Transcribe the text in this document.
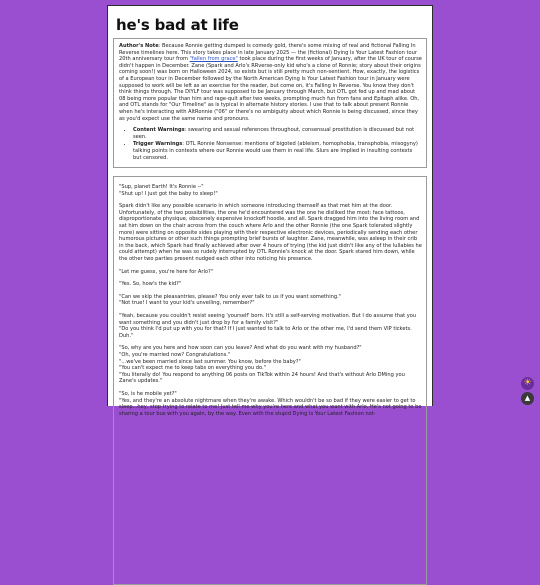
he's bad at life

Author's Note: Because Ronnie getting dumped is comedy gold, there's some mixing of real and fictional Falling In Reverse timelines here. This story takes place in late January 2025 — the (fictional) Dying Is Your Latest Fashion tour 20th anniversary tour from "fallen from grace" took place during the first weeks of January, after the UK tour of course didn't happen in December. Zane (Spark and Arlo's RRverse-only kid who's a clone of Ronnie; story about their origins coming soon!) was born on Halloween 2024, so exists but is still pretty much non-sentient. How, exactly, the logistics of a European tour in December followed by the North American Dying Is Your Latest Fashion tour in January were supposed to work will be left as an exercise for the reader, but come on, it's Falling In Reverse. You know they don't think things through. The DIYLF tour was supposed to be January through March, but OTL got fed up and mad about 08 being more popular than him and rage-quit after two weeks, prompting much fun from fans and Epitaph alike. Oh, and OTL stands for "Our Timeline" as is typical in alternate history stories. I use that to talk about present Ronnie when he's interacting with AltRonnie ("06" or there's no ambiguity about which Ronnie is being discussed, since they as you'd expect use the same name and pronouns.

• Content Warnings: swearing and sexual references throughout, consensual prostitution is discussed but not seen.
• Trigger Warnings: OTL Ronnie Nonsense: mentions of bigoted (ableism, homophobia, transphobia, misogyny) talking points in contexts where our Ronnie would use them in real life. Slurs are implied in insulting contexts but censored.
"Sup, planet Earth! It's Ronnie --"
"Shut up! I just got the baby to sleep!"

Spark didn't like any possible scenario in which someone introducing themself as that met him at the door. Unfortunately, of the two possibilities, the one he'd encountered was the one he disliked the most: face tattoos, disproportionate physique, obscenely expensive knockoff hoodie, and all. Spark dragged him into the living room and sat him down on the chair across from the couch where Arlo and the other Ronnie (the one Spark tolerated slightly more) were sitting on opposite sides playing with their respective electronic devices, periodically sending each other humorous pictures or other such things prompting brief bursts of laughter. Zane, meanwhile, was asleep in their crib in the back, which Spark had finally achieved after over 4 hours of trying (the kid just didn't like any of the lullabies he could attempt) when he was so rudely interrupted by OTL Ronnie's knock at the door. Spark stared him down, while the other two parties present nudged each other into noticing his presence.

"Let me guess, you're here for Arlo?"

"Yes. So, how's the kid?"

"Can we skip the pleasantries, please? You only ever talk to us if you want something."
"Not true! I want to your kid's unveiling, remember?"
"Yeah, because you couldn't resist seeing 'yourself' born. It's still a self-serving motivation. But I do assume that you want something and you didn't just drop by for a family visit?"
"Do you think I'd put up with you for that? If I just wanted to talk to Arlo or the other me, I'd send them VIP tickets. Duh."
"So, why are you here and how soon can you leave? And what do you want with my husband?"
"Oh, you're married now? Congratulations."
"...we've been married since last summer. You know, before the baby?"
"You can't expect me to keep tabs on everything you do."
"You literally do! You respond to anything 06 posts on TikTok within 24 hours! And that's without Arlo DMing you Zane's updates."
"So, is he mobile yet?"
"Yes, and they're an absolute nightmare when they're awake. Which wouldn't be so bad if they were easier to get to sleep...hey, stop trying to relate to me! Just tell me why you're here and what you want with Arlo. He's not going to be sharing a tour bus with you again, by the way. Even with the stupid Dying Is Your Latest Fashion not-
☀
▲
